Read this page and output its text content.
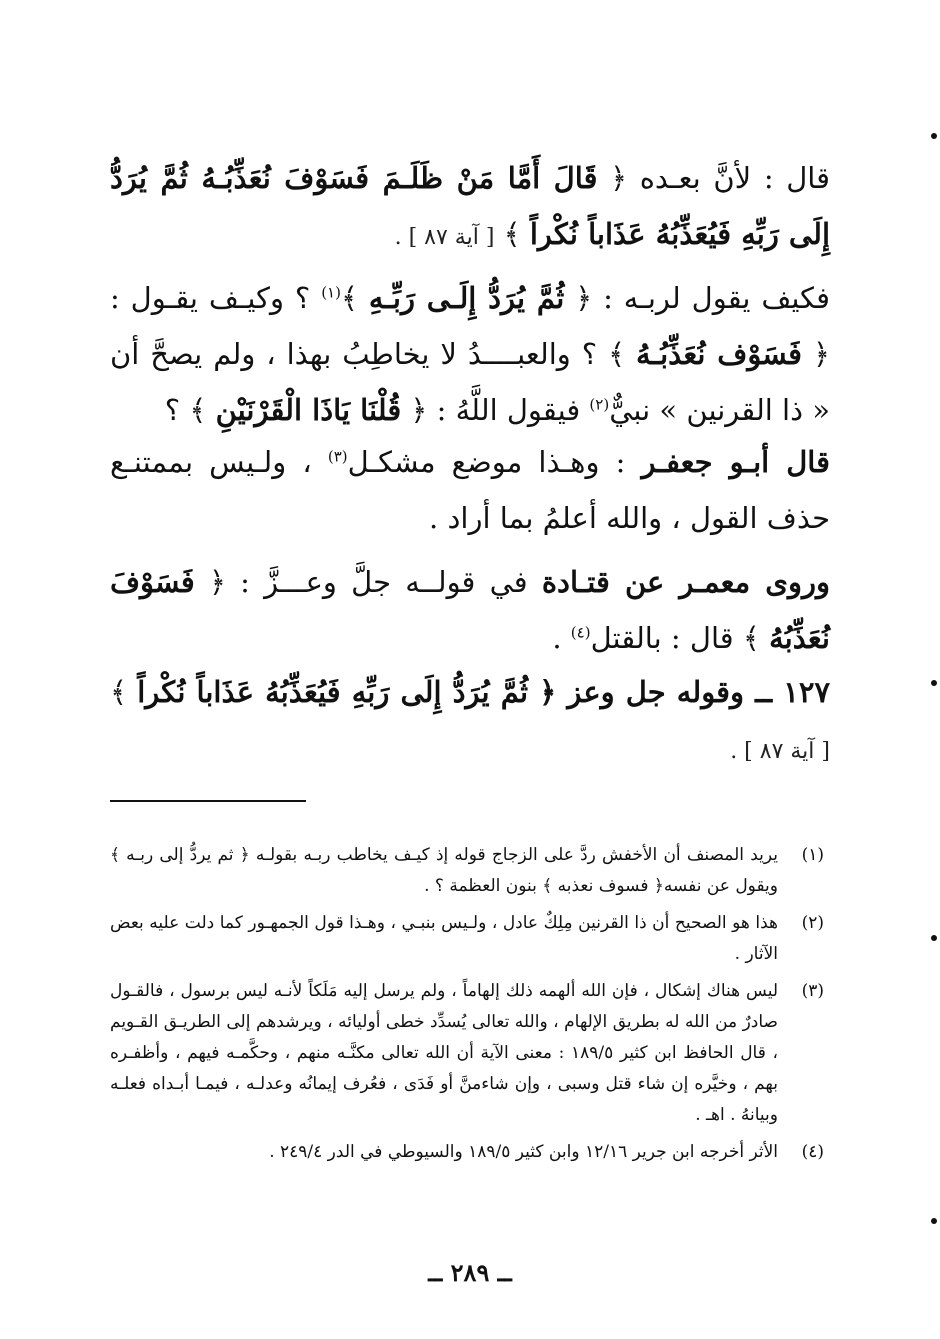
قال : لأنَّ بعـده ﴿ قَالَ أَمَّا مَنْ ظَلَـمَ فَسَوْفَ نُعَذِّبُـهُ ثُمَّ يُرَدُّ إِلَى رَبِّهِ فَيُعَذِّبُهُ عَذَاباً نُكْراً ﴾ [ آية ٨٧ ] .

فكيف يقول لربـه : ﴿ ثُمَّ يُرَدُّ إِلَـى رَبِّـهِ ﴾$^{(١)}$ ؟ وكيـف يقـول : ﴿ فَسَوْف نُعَذِّبُـهُ ﴾ ؟ والعبــــدُ لا يخاطِبُ بهذا ، ولم يصحَّ أن « ذا القرنين » نبيٌّ$^{(٢)}$ فيقول اللَّهُ : ﴿ قُلْنَا يَاذَا الْقَرْنَيْنِ ﴾ ؟

قال أبـو جعفـر : وهـذا موضع مشكـل$^{(٣)}$ ، ولـيس بممتنـع حذف القول ، والله أعلمُ بما أراد .

وروى معمـر عن قتـادة في قولــه جلَّ وعـــزَّ : ﴿ فَسَوْفَ نُعَذِّبُهُ ﴾ قال : بالقتل$^{(٤)}$ .

١٢٧ ــ وقوله جل وعز ﴿ ثُمَّ يُرَدُّ إِلَى رَبِّهِ فَيُعَذِّبُهُ عَذَاباً نُكْراً ﴾ [ آية ٨٧ ] .

(١)
يريد المصنف أن الأخفش ردَّ على الزجاج قوله إذ كيـف يخاطب ربـه بقولـه ﴿ ثم يردُّ إلى ربـه ﴾ ويقول عن نفسه﴿ فسوف نعذبه ﴾ بنون العظمة ؟ .
(٢)
هذا هو الصحيح أن ذا القرنين مِلِكٌ عادل ، ولـيس بنبـي ، وهـذا قول الجمهـور كما دلت عليه بعض الآثار .
(٣)
ليس هناك إشكال ، فإن الله ألهمه ذلك إلهاماً ، ولم يرسل إليه مَلَكاً لأنـه ليس برسول ، فالقـول صادرٌ من الله له بطريق الإلهام ، والله تعالى يُسدِّد خطى أوليائه ، ويرشدهم إلى الطريـق القـويم ، قال الحافظ ابن كثير ١٨٩/٥ : معنى الآية أن الله تعالى مكنَّـه منهم ، وحكَّمـه فيهم ، وأظفـره بهم ، وخيَّره إن شاء قتل وسبى ، وإن شاءمنَّ أو فَدَى ، فعُرف إيمانُه وعدلـه ، فيمـا أبـداه فعلـه وبيانهُ . اهـ .
(٤)
الأثر أخرجه ابن جرير ١٢/١٦ وابن كثير ١٨٩/٥ والسيوطي في الدر ٢٤٩/٤ .
ــ ٢٨٩ ــ
